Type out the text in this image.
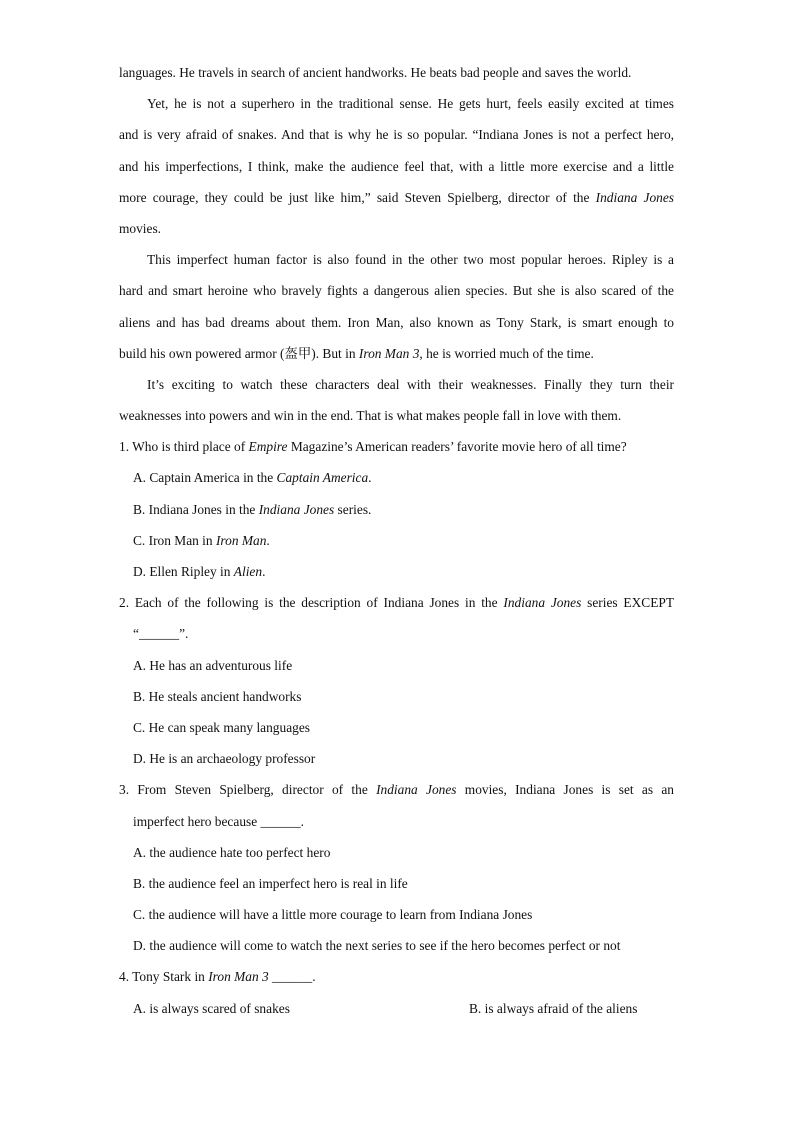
languages. He travels in search of ancient handworks. He beats bad people and saves the world.
Yet, he is not a superhero in the traditional sense. He gets hurt, feels easily excited at times
and is very afraid of snakes. And that is why he is so popular. “Indiana Jones is not a perfect hero,
and his imperfections, I think, make the audience feel that, with a little more exercise and a little
more courage, they could be just like him,” said Steven Spielberg, director of the Indiana Jones
movies.
This imperfect human factor is also found in the other two most popular heroes. Ripley is a
hard and smart heroine who bravely fights a dangerous alien species. But she is also scared of the
aliens and has bad dreams about them. Iron Man, also known as Tony Stark, is smart enough to
build his own powered armor (盔甲). But in Iron Man 3, he is worried much of the time.
It’s exciting to watch these characters deal with their weaknesses. Finally they turn their
weaknesses into powers and win in the end. That is what makes people fall in love with them.
1. Who is third place of Empire Magazine’s American readers’ favorite movie hero of all time?
A. Captain America in the Captain America.
B. Indiana Jones in the Indiana Jones series.
C. Iron Man in Iron Man.
D. Ellen Ripley in Alien.
2. Each of the following is the description of Indiana Jones in the Indiana Jones series EXCEPT
“______”.
A. He has an adventurous life
B. He steals ancient handworks
C. He can speak many languages
D. He is an archaeology professor
3. From Steven Spielberg, director of the Indiana Jones movies, Indiana Jones is set as an
imperfect hero because ______.
A. the audience hate too perfect hero
B. the audience feel an imperfect hero is real in life
C. the audience will have a little more courage to learn from Indiana Jones
D. the audience will come to watch the next series to see if the hero becomes perfect or not
4. Tony Stark in Iron Man 3 ______.
A. is always scared of snakes	B. is always afraid of the aliens
